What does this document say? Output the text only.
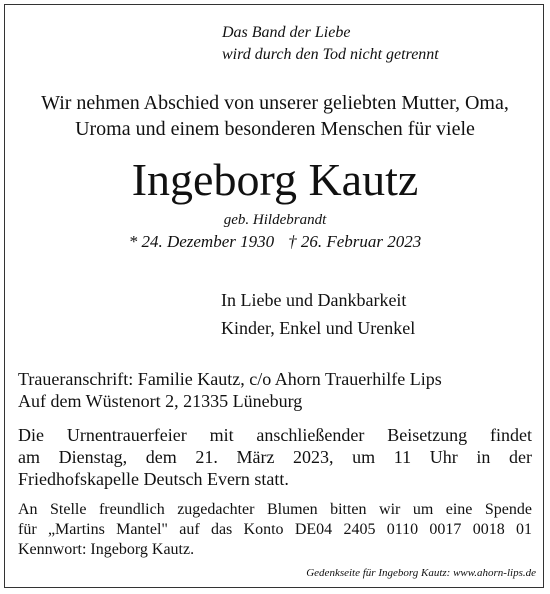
Das Band der Liebe
wird durch den Tod nicht getrennt
Wir nehmen Abschied von unserer geliebten Mutter, Oma,
Uroma und einem besonderen Menschen für viele
Ingeborg Kautz
geb. Hildebrandt
* 24. Dezember 1930 † 26. Februar 2023
In Liebe und Dankbarkeit
Kinder, Enkel und Urenkel
Traueranschrift: Familie Kautz, c/o Ahorn Trauerhilfe Lips
Auf dem Wüstenort 2, 21335 Lüneburg
Die Urnentrauerfeier mit anschließender Beisetzung findet
am Dienstag, dem 21. März 2023, um 11 Uhr in der
Friedhofskapelle Deutsch Evern statt.
An Stelle freundlich zugedachter Blumen bitten wir um eine Spende
für „Martins Mantel" auf das Konto DE04 2405 0110 0017 0018 01
Kennwort: Ingeborg Kautz.
Gedenkseite für Ingeborg Kautz: www.ahorn-lips.de
